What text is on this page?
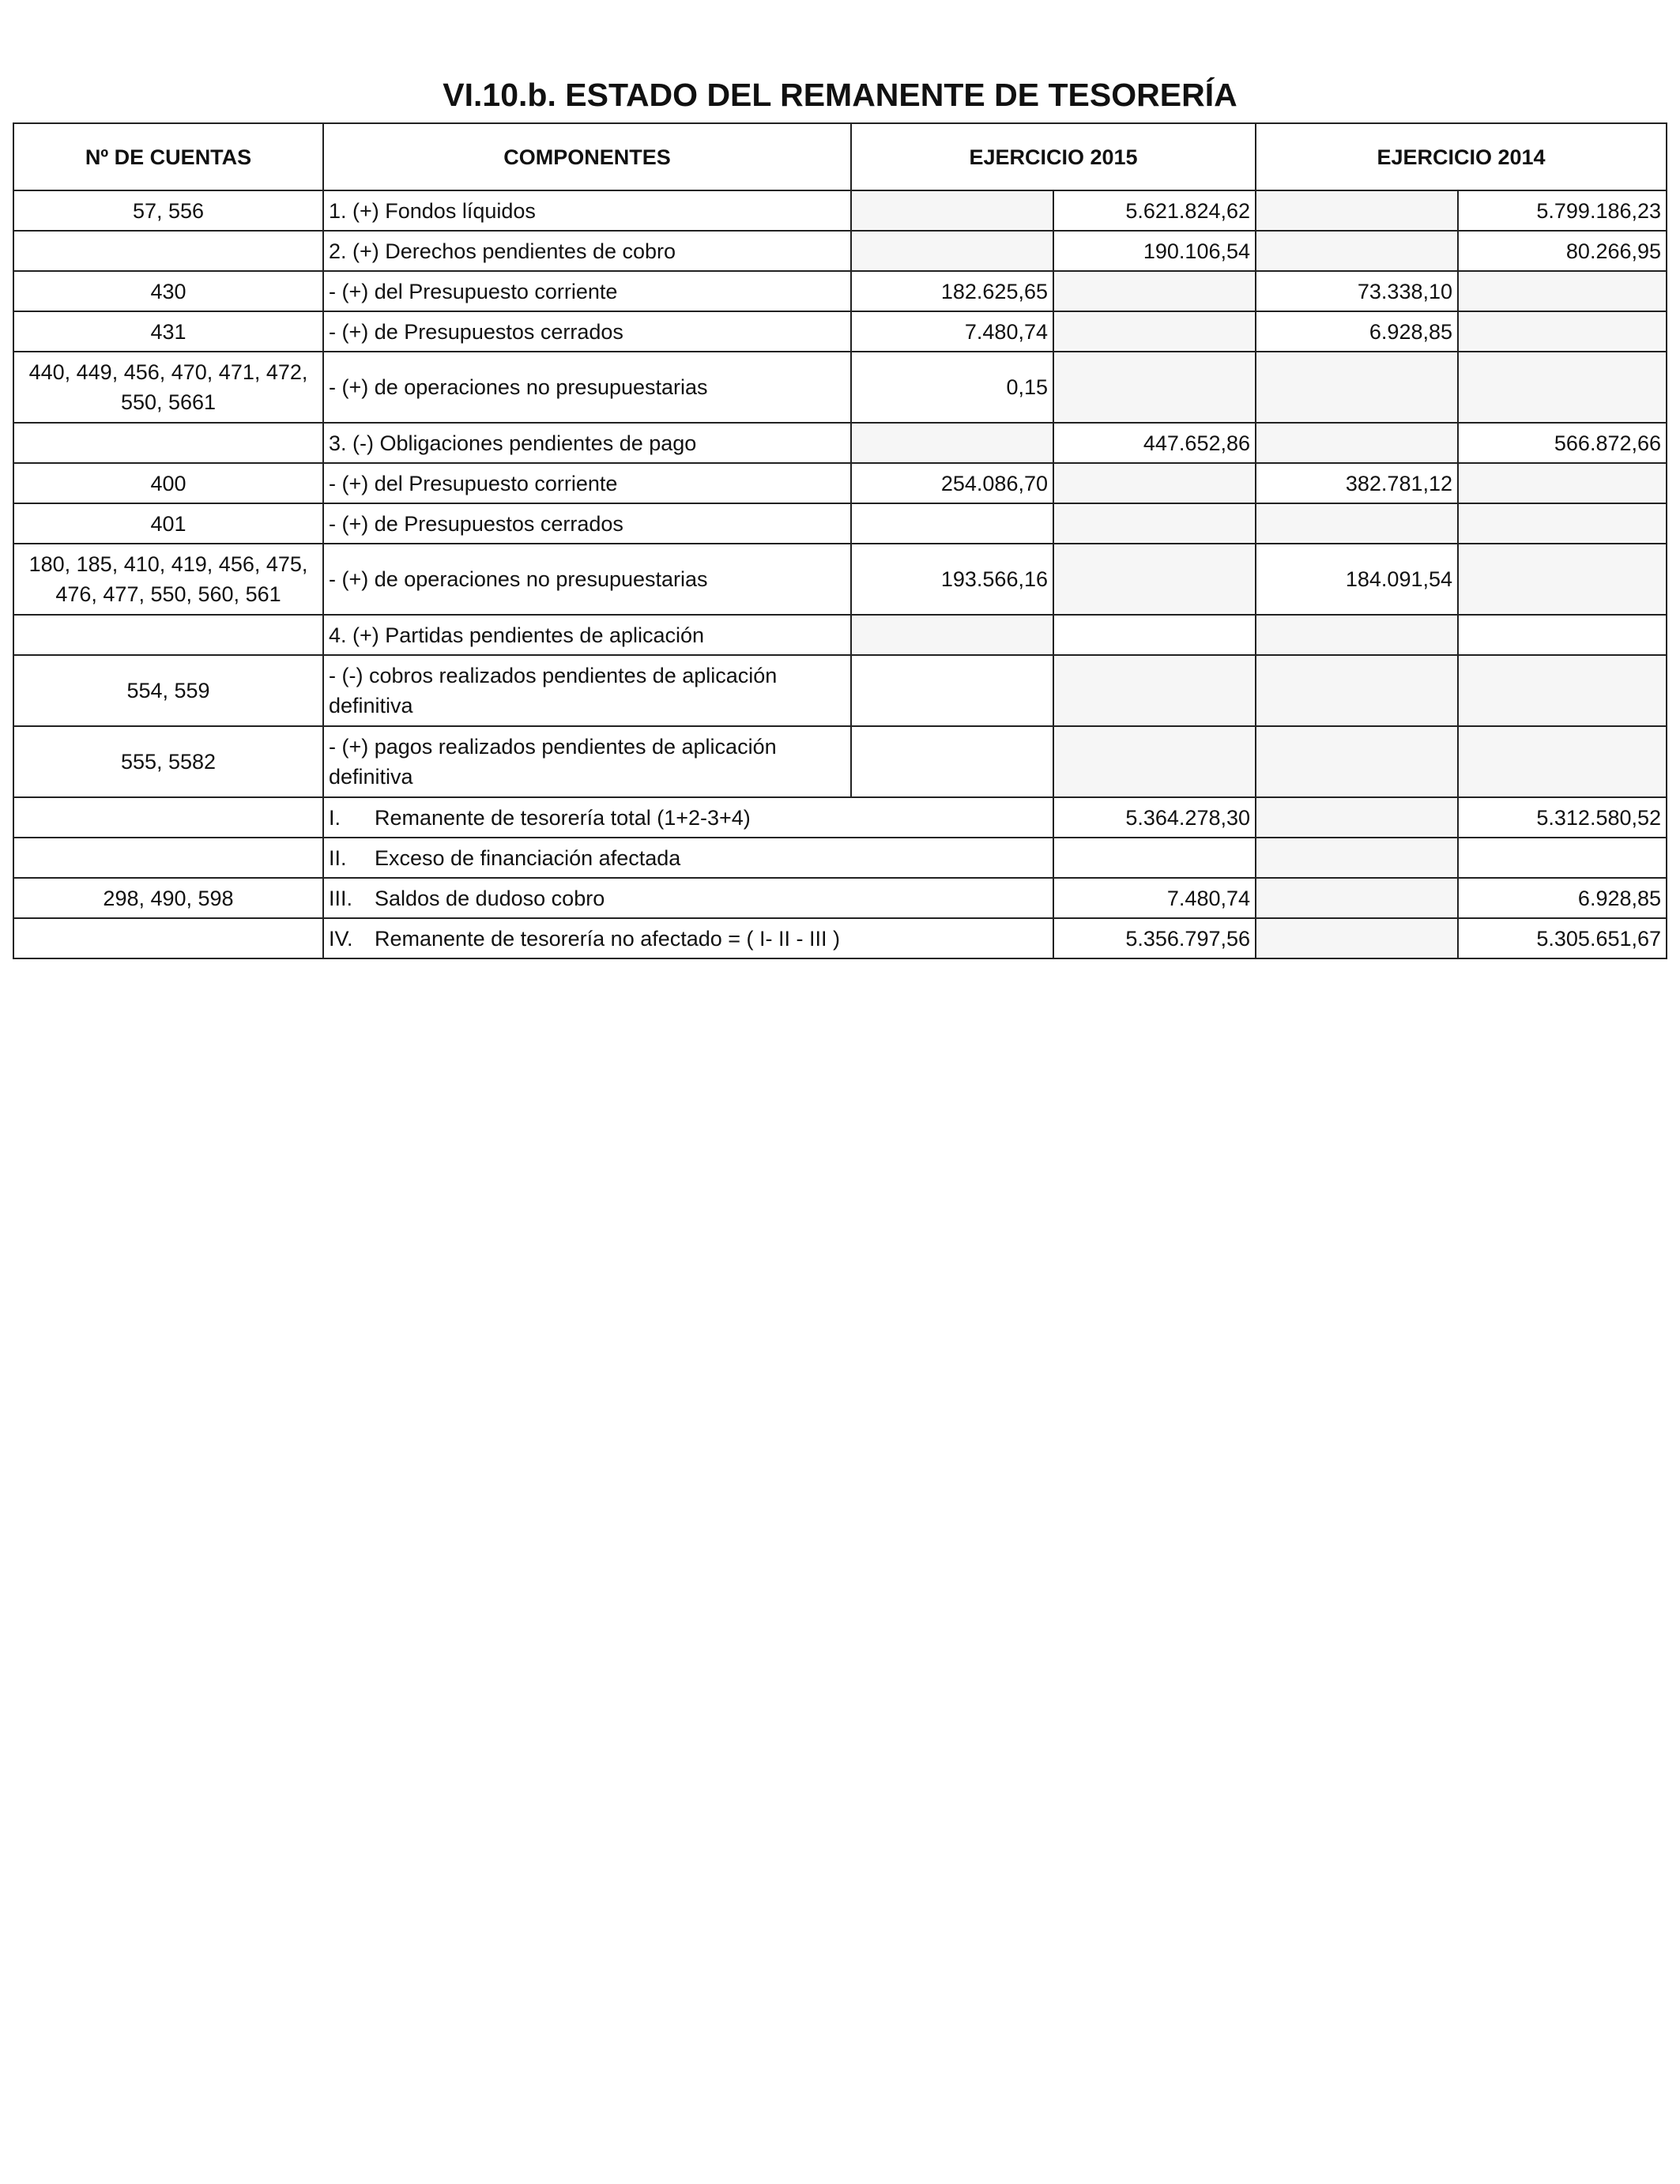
VI.10.b. ESTADO DEL REMANENTE DE TESORERÍA
Nº DE CUENTAS	COMPONENTES	EJERCICIO 2015		EJERCICIO 2014	
57, 556	1. (+) Fondos líquidos		5.621.824,62		5.799.186,23
	2. (+) Derechos pendientes de cobro		190.106,54		80.266,95
430	- (+) del Presupuesto corriente	182.625,65		73.338,10	
431	- (+) de Presupuestos cerrados	7.480,74		6.928,85	
440, 449, 456, 470, 471, 472, 550, 5661	- (+) de operaciones no presupuestarias	0,15			
	3. (-) Obligaciones pendientes de pago		447.652,86		566.872,66
400	- (+) del Presupuesto corriente	254.086,70		382.781,12	
401	- (+) de Presupuestos cerrados				
180, 185, 410, 419, 456, 475, 476, 477, 550, 560, 561	- (+) de operaciones no presupuestarias	193.566,16		184.091,54	
	4. (+) Partidas pendientes de aplicación				
554, 559	- (-) cobros realizados pendientes de aplicación definitiva				
555, 5582	- (+) pagos realizados pendientes de aplicación definitiva				
	I. Remanente de tesorería total (1+2-3+4)		5.364.278,30		5.312.580,52
	II. Exceso de financiación afectada				
298, 490, 598	III. Saldos de dudoso cobro		7.480,74		6.928,85
	IV. Remanente de tesorería no afectado = ( I- II - III )		5.356.797,56		5.305.651,67
